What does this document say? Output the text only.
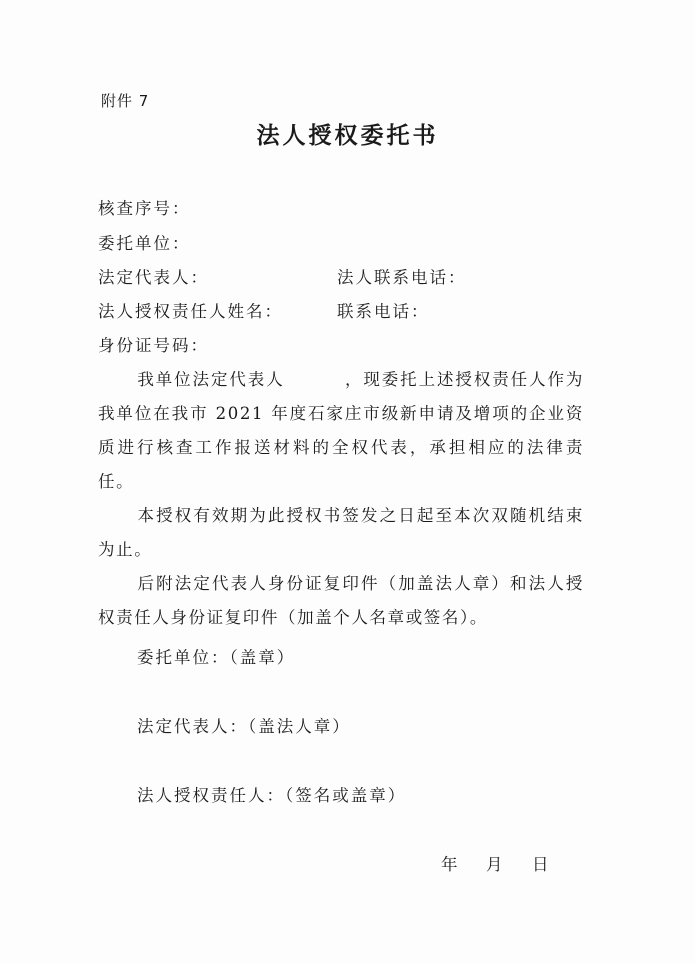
附件 7
法人授权委托书
核查序号：
委托单位：
法定代表人：	法人联系电话：
法人授权责任人姓名：	联系电话：
身份证号码：
我单位法定代表人	，现委托上述授权责任人作为我单位在我市 2021 年度石家庄市级新申请及增项的企业资质进行核查工作报送材料的全权代表，承担相应的法律责任。
本授权有效期为此授权书签发之日起至本次双随机结束为止。
后附法定代表人身份证复印件（加盖法人章）和法人授权责任人身份证复印件（加盖个人名章或签名）。
委托单位：（盖章）
法定代表人：（盖法人章）
法人授权责任人：（签名或盖章）
年 月 日
